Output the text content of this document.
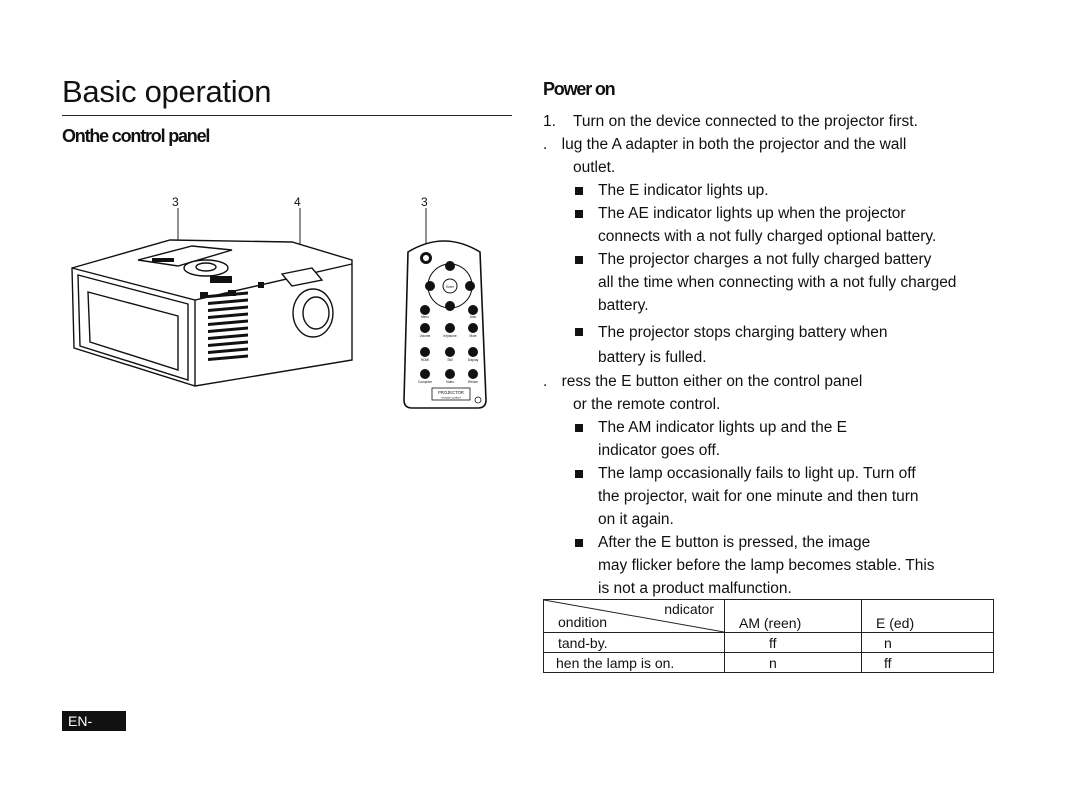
Basic operation
Onthe control panel
Power on
3	4	3
Enter
Menu	Auto
Volume	Keystone	Mute
HDMI	Still	Display
Computer	Video	Resize
PROJECTOR
remote control
1. Turn on the device connected to the projector first.
. lug the A adapter in both the projector and the wall
outlet.
The E indicator lights up.
The AE indicator lights up when the projector
connects with a not fully charged optional battery.
The projector charges a not fully charged battery
all the time when connecting with a not fully charged
battery.
The projector stops charging battery when
battery is fulled.
. ress the E button either on the control panel
or the remote control.
The AM indicator lights up and the E
indicator goes off.
The lamp occasionally fails to light up. Turn off
the projector, wait for one minute and then turn
on it again.
After the E button is pressed, the image
may flicker before the lamp becomes stable. This
is not a product malfunction.
ndicator
ondition	AM (reen)	E (ed)
tand-by.	ff	n
hen the lamp is on.	n	ff
EN-
